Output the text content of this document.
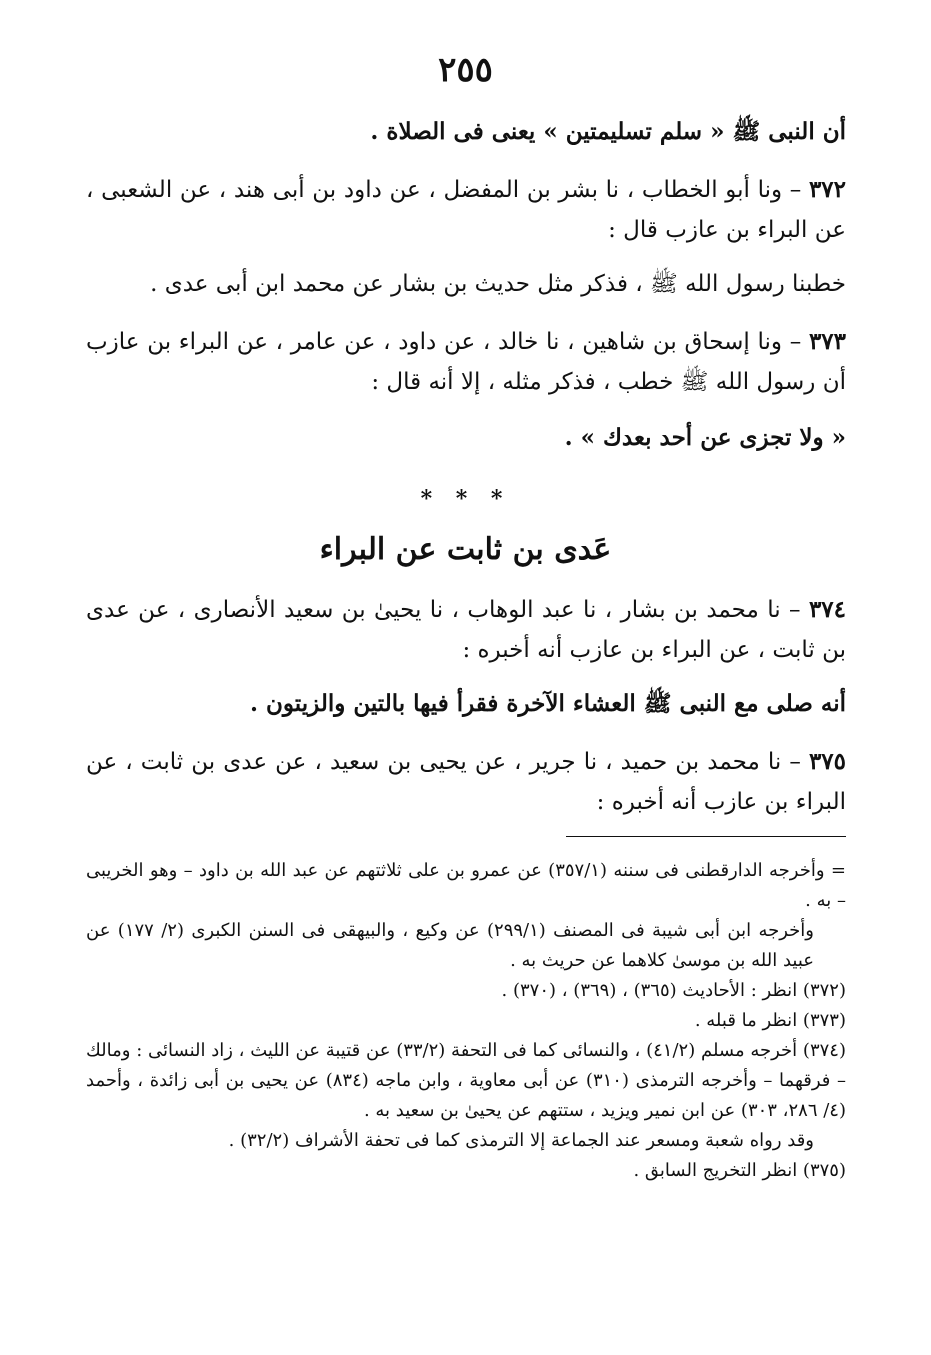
٢٥٥

أن النبى ﷺ « سلم تسليمتين » يعنى فى الصلاة .

٣٧٢ – ونا أبو الخطاب ، نا بشر بن المفضل ، عن داود بن أبى هند ، عن الشعبى ، عن البراء بن عازب قال :

خطبنا رسول الله ﷺ ، فذكر مثل حديث بن بشار عن محمد ابن أبى عدى .

٣٧٣ – ونا إسحاق بن شاهين ، نا خالد ، عن داود ، عن عامر ، عن البراء بن عازب أن رسول الله ﷺ خطب ، فذكر مثله ، إلا أنه قال :

« ولا تجزى عن أحد بعدك » .

* * *
عَدى بن ثابت عن البراء

٣٧٤ – نا محمد بن بشار ، نا عبد الوهاب ، نا يحيىٰ بن سعيد الأنصارى ، عن عدى بن ثابت ، عن البراء بن عازب أنه أخبره :

أنه صلى مع النبى ﷺ العشاء الآخرة فقرأ فيها بالتين والزيتون .

٣٧٥ – نا محمد بن حميد ، نا جرير ، عن يحيى بن سعيد ، عن عدى بن ثابت ، عن البراء بن عازب أنه أخبره :

= وأخرجه الدارقطنى فى سننه (٣٥٧/١) عن عمرو بن على ثلاثتهم عن عبد الله بن داود – وهو الخريبى – به .

وأخرجه ابن أبى شيبة فى المصنف (٢٩٩/١) عن وكيع ، والبيهقى فى السنن الكبرى (٢/ ١٧٧) عن عبيد الله بن موسىٰ كلاهما عن حريث به .

(٣٧٢) انظر : الأحاديث (٣٦٥) ، (٣٦٩) ، (٣٧٠) .

(٣٧٣) انظر ما قبله .

(٣٧٤) أخرجه مسلم (٤١/٢) ، والنسائى كما فى التحفة (٣٣/٢) عن قتيبة عن الليث ، زاد النسائى : ومالك – فرقهما – وأخرجه الترمذى (٣١٠) عن أبى معاوية ، وابن ماجه (٨٣٤) عن يحيى بن أبى زائدة ، وأحمد (٤/ ٢٨٦، ٣٠٣) عن ابن نمير ويزيد ، ستتهم عن يحيىٰ بن سعيد به .

وقد رواه شعبة ومسعر عند الجماعة إلا الترمذى كما فى تحفة الأشراف (٣٢/٢) .

(٣٧٥) انظر التخريج السابق .
